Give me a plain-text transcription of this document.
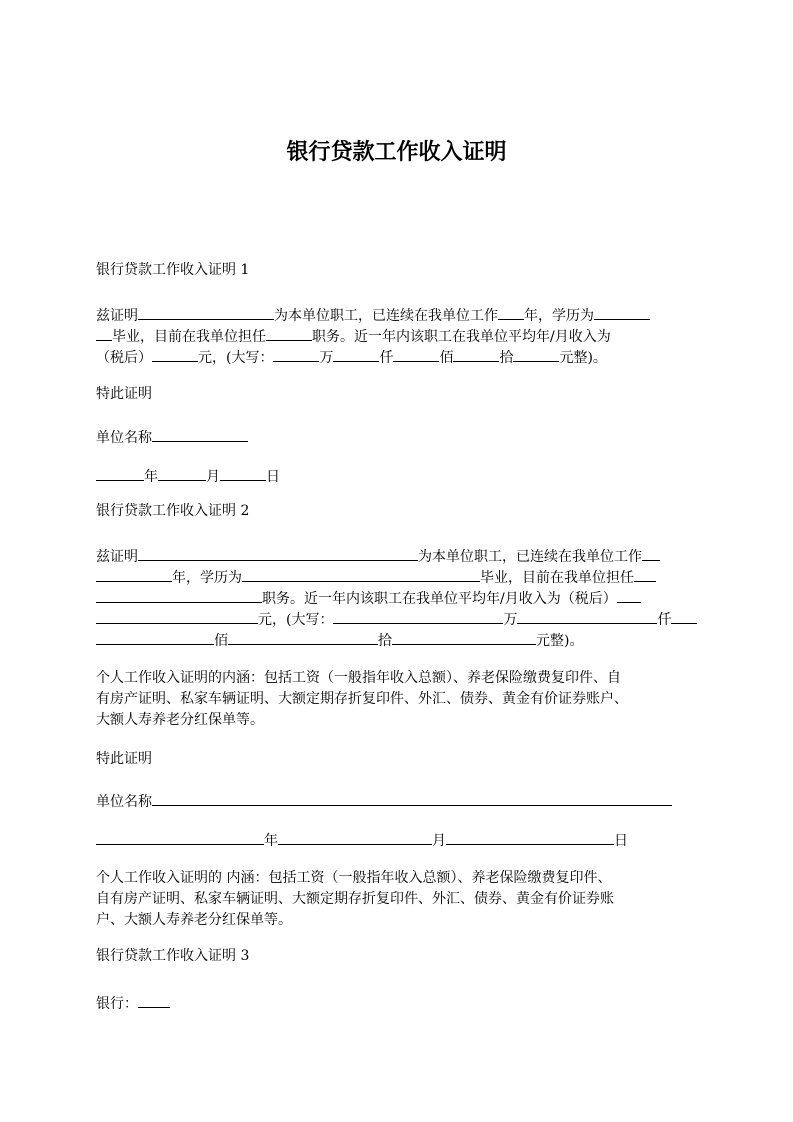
银行贷款工作收入证明
银行贷款工作收入证明 1
兹证明	为本单位职工，已连续在我单位工作 年，学历为
毕业，目前在我单位担任	职务。近一年内该职工在我单位平均年/月收入为
（税后）	元，(大写：	万	仟	佰	拾	元整)。
特此证明
单位名称
年	月	日
银行贷款工作收入证明 2
兹证明	为本单位职工，已连续在我单位工作
年，学历为	毕业，目前在我单位担任
职务。近一年内该职工在我单位平均年/月收入为（税后）
元，(大写：	万	仟
佰	拾	元整)。
个人工作收入证明的内涵：包括工资（一般指年收入总额）、养老保险缴费复印件、自
有房产证明、私家车辆证明、大额定期存折复印件、外汇、债券、黄金有价证券账户、
大额人寿养老分红保单等。
特此证明
单位名称
年	月	日
个人工作收入证明的 内涵：包括工资（一般指年收入总额）、养老保险缴费复印件、
自有房产证明、私家车辆证明、大额定期存折复印件、外汇、债券、黄金有价证券账
户、大额人寿养老分红保单等。
银行贷款工作收入证明 3
银行：
